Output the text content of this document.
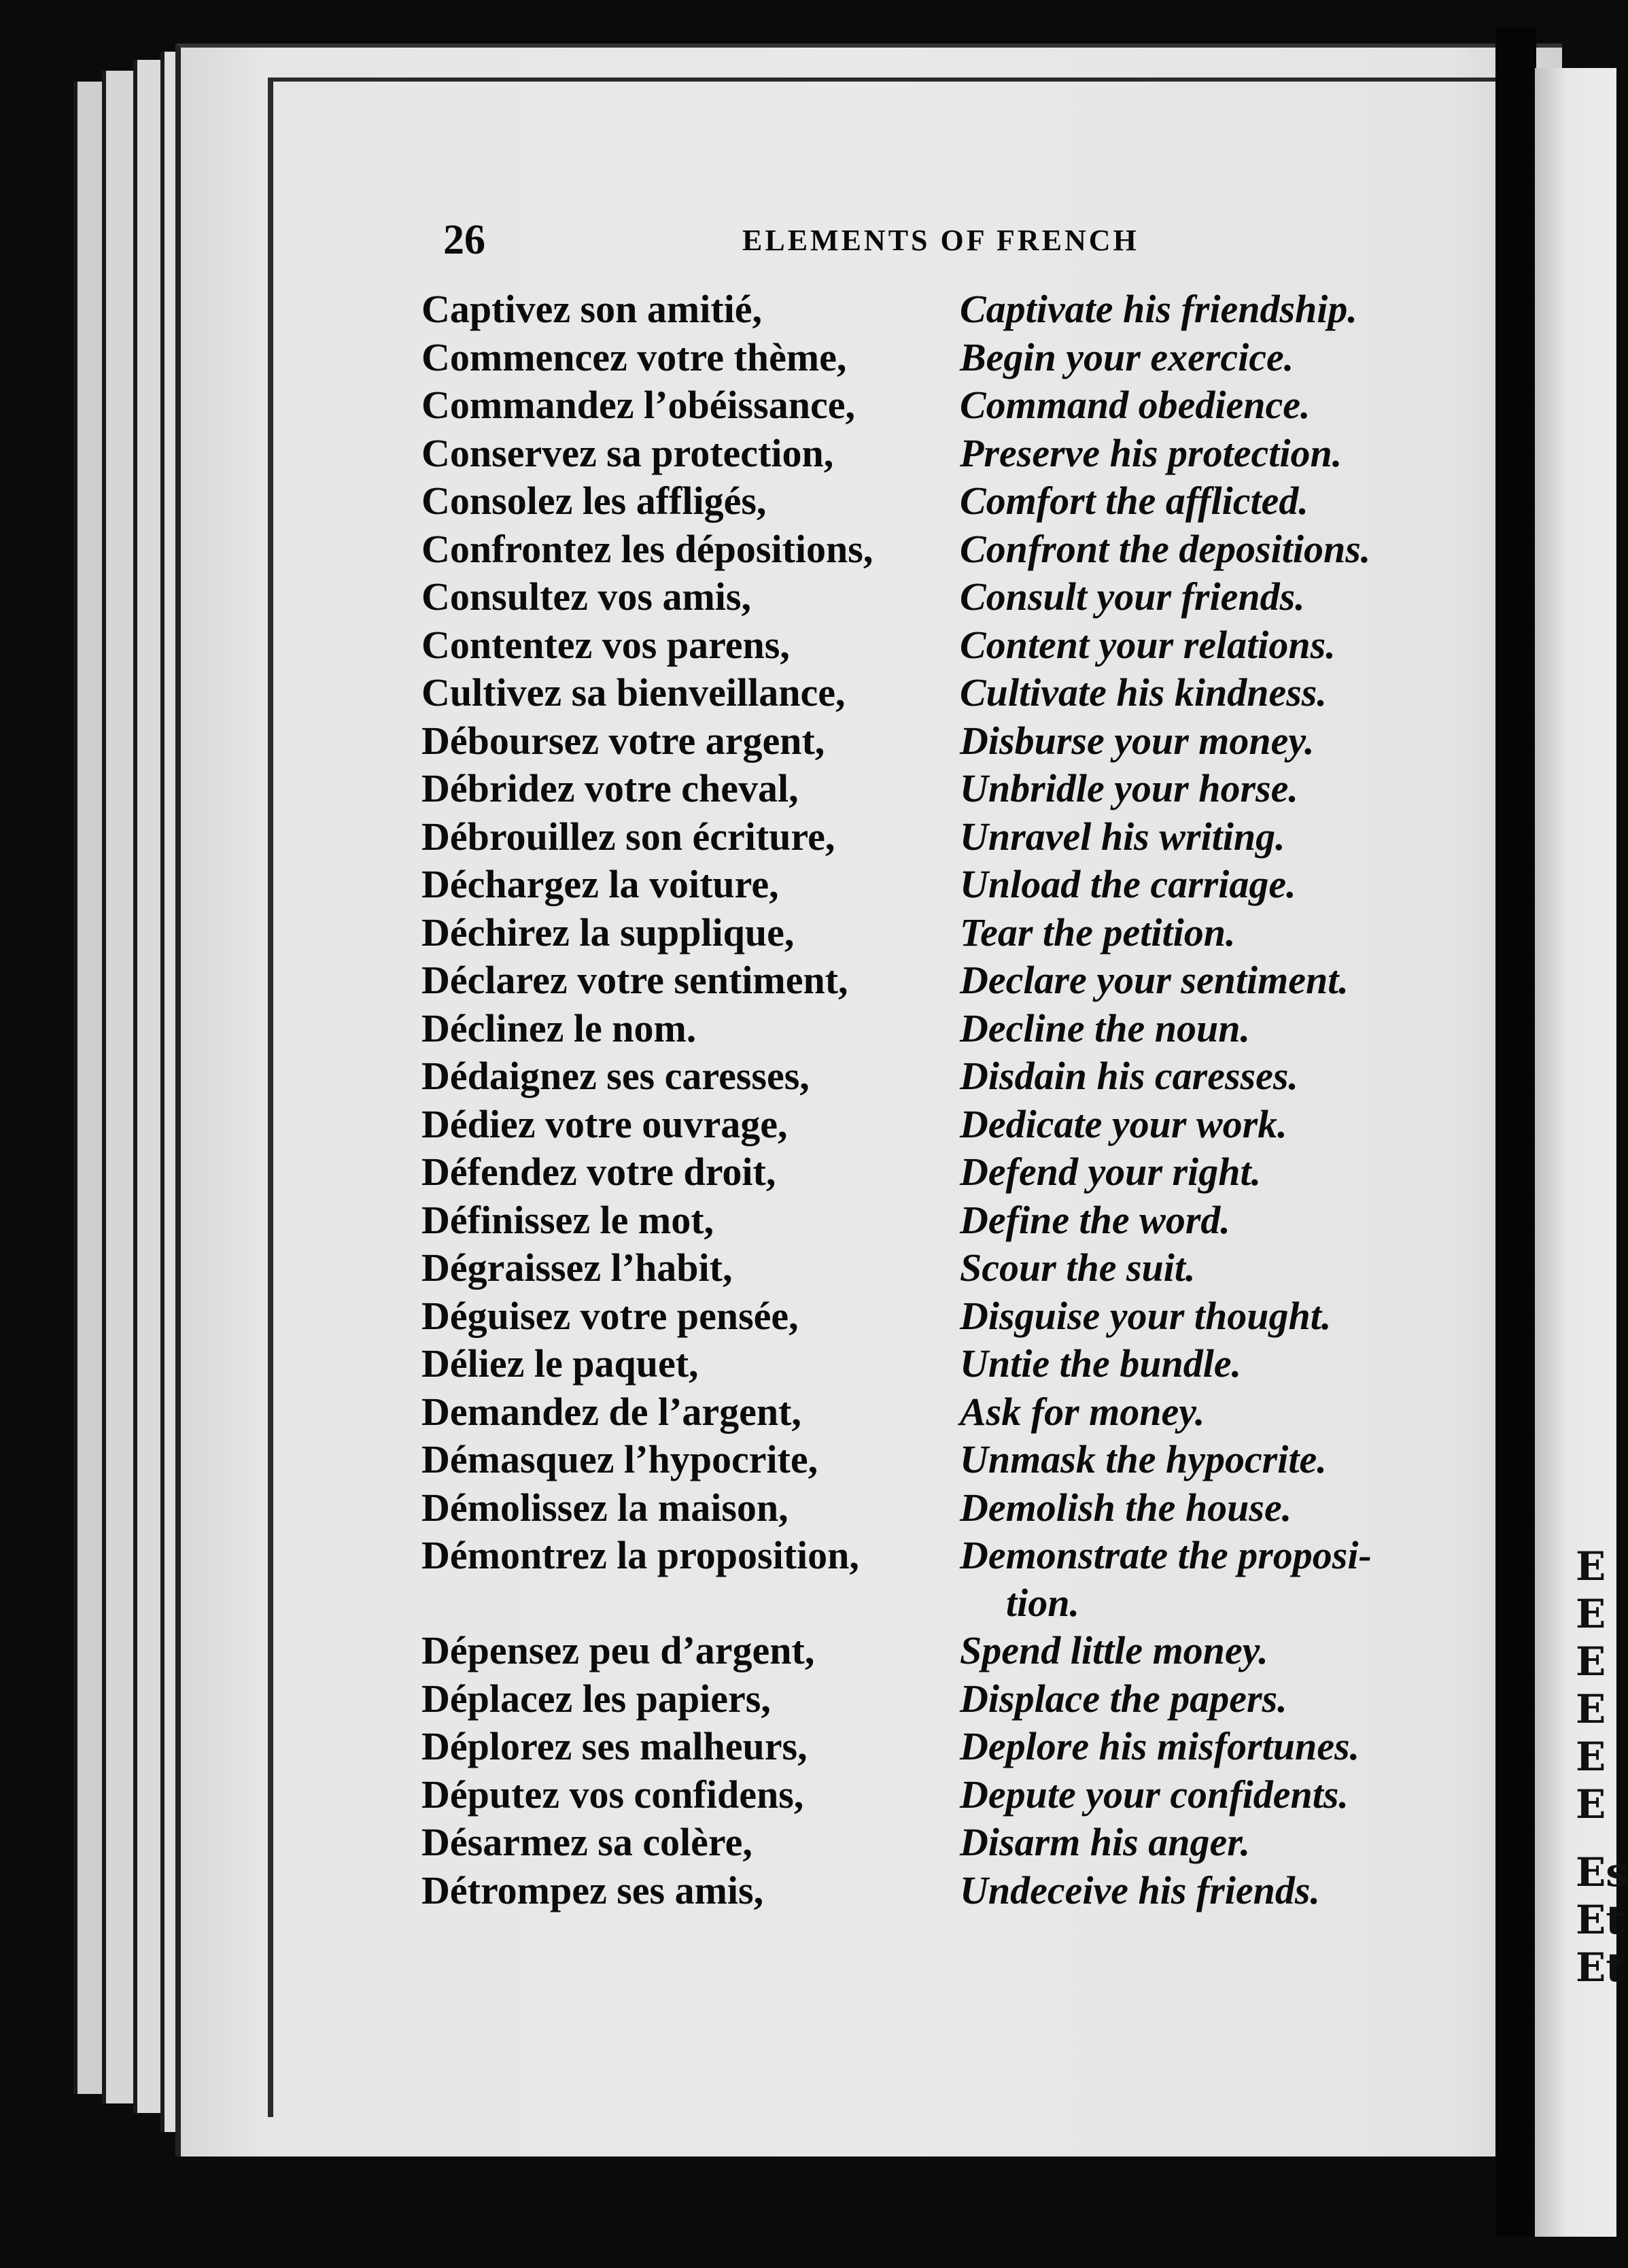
E
E
E
E
E
E
Es
Et
Et
26	ELEMENTS OF FRENCH
Captivez son amitié,	Captivate his friendship.
Commencez votre thème,	Begin your exercice.
Commandez l’obéissance,	Command obedience.
Conservez sa protection,	Preserve his protection.
Consolez les affligés,	Comfort the afflicted.
Confrontez les dépositions,	Confront the depositions.
Consultez vos amis,	Consult your friends.
Contentez vos parens,	Content your relations.
Cultivez sa bienveillance,	Cultivate his kindness.
Déboursez votre argent,	Disburse your money.
Débridez votre cheval,	Unbridle your horse.
Débrouillez son écriture,	Unravel his writing.
Déchargez la voiture,	Unload the carriage.
Déchirez la supplique,	Tear the petition.
Déclarez votre sentiment,	Declare your sentiment.
Déclinez le nom.	Decline the noun.
Dédaignez ses caresses,	Disdain his caresses.
Dédiez votre ouvrage,	Dedicate your work.
Défendez votre droit,	Defend your right.
Définissez le mot,	Define the word.
Dégraissez l’habit,	Scour the suit.
Déguisez votre pensée,	Disguise your thought.
Déliez le paquet,	Untie the bundle.
Demandez de l’argent,	Ask for money.
Démasquez l’hypocrite,	Unmask the hypocrite.
Démolissez la maison,	Demolish the house.
Démontrez la proposition,	Demonstrate the proposi-
tion.
Dépensez peu d’argent,	Spend little money.
Déplacez les papiers,	Displace the papers.
Déplorez ses malheurs,	Deplore his misfortunes.
Députez vos confidens,	Depute your confidents.
Désarmez sa colère,	Disarm his anger.
Détrompez ses amis,	Undeceive his friends.
